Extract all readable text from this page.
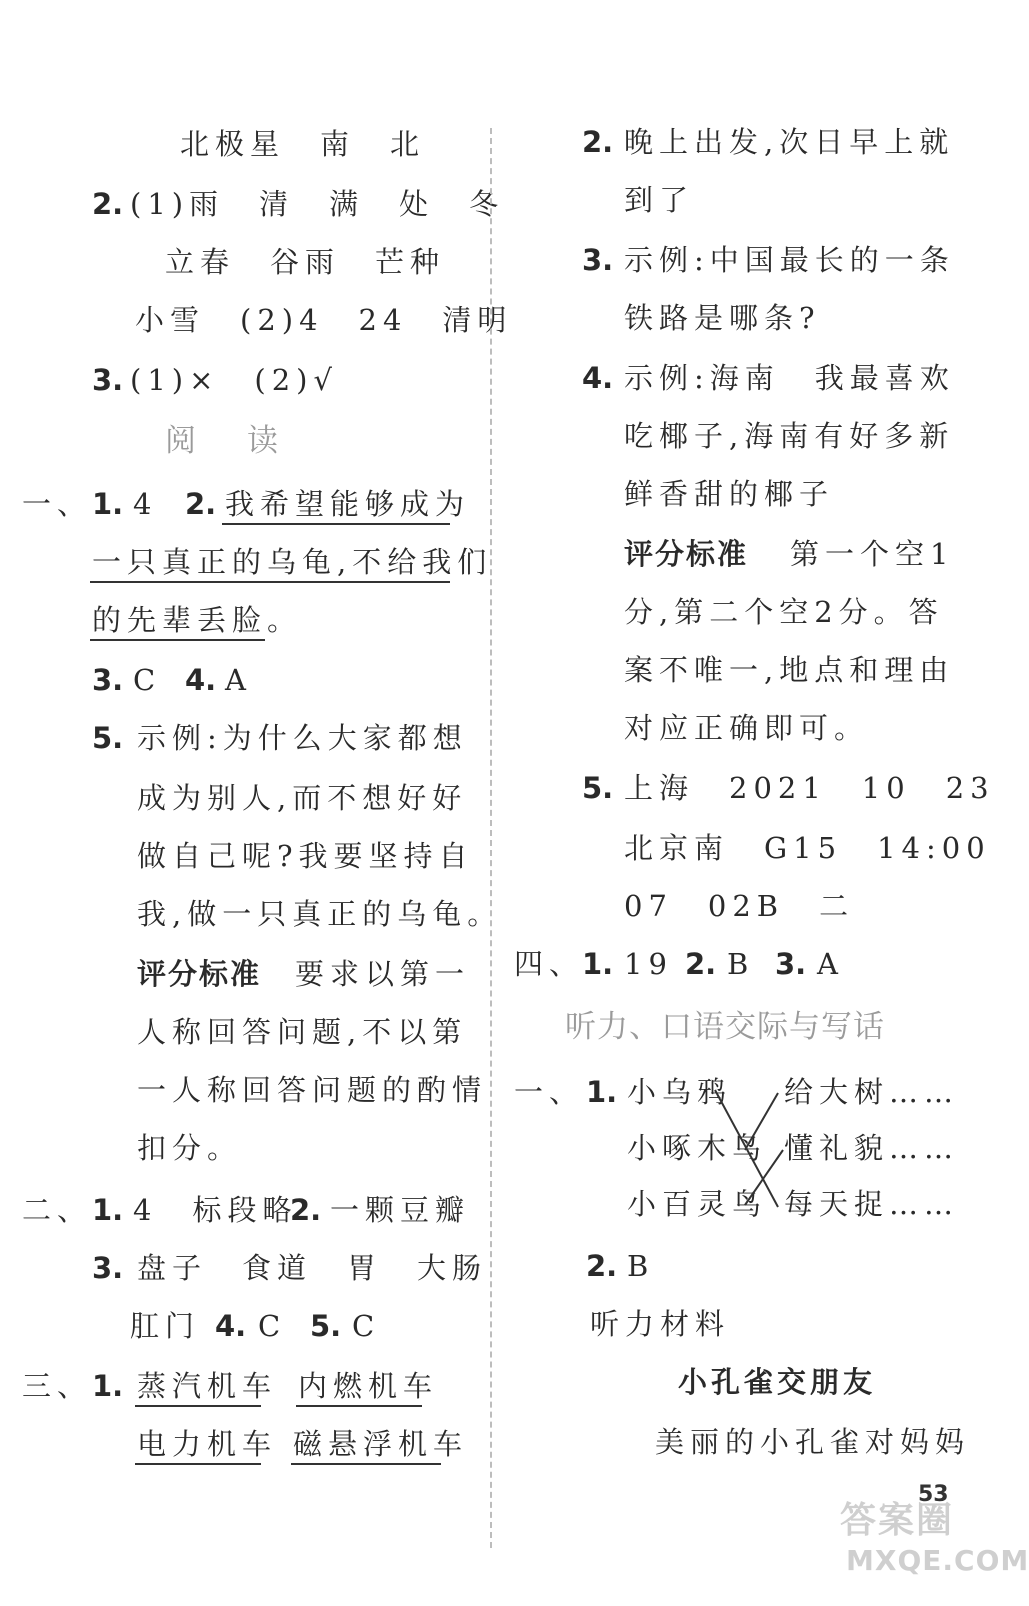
北极星　南　北
2. (1)雨　清　满　处　冬
立春　谷雨　芒种
小雪　(2)4　24　清明
3. (1)×　(2)√
阅　读
一、 1. 4 2. 我希望能够成为
一只真正的乌龟,不给我们
的先辈丢脸。
3. C 4. A
5. 示例:为什么大家都想
成为别人,而不想好好
做自己呢?我要坚持自
我,做一只真正的乌龟。
评分标准 要求以第一
人称回答问题,不以第
一人称回答问题的酌情
扣分。
二、 1. 4　标段略
2. 一颗豆瓣
3. 盘子　食道　胃　大肠
肛门 4. C 5. C
三、 1. 蒸汽机车 内燃机车
电力机车 磁悬浮机车
2. 晚上出发,次日早上就
到了
3. 示例:中国最长的一条
铁路是哪条?
4. 示例:海南　我最喜欢
吃椰子,海南有好多新
鲜香甜的椰子
评分标准 第一个空1
分,第二个空2分。答
案不唯一,地点和理由
对应正确即可。
5. 上海　2021　10　23
北京南　G15　14:00
07　02B　二
四、
1. 19 2. B 3. A
听力、口语交际与写话
一、 1. 小乌鸦
小啄木鸟
小百灵鸟
给大树……
懂礼貌……
每天捉……
2. B
听力材料
小孔雀交朋友
美丽的小孔雀对妈妈
53
答案圈
MXQE.COM
